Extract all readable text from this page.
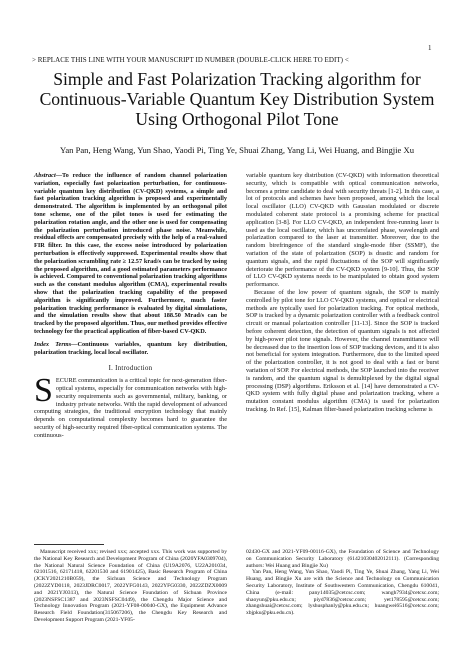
1
> REPLACE THIS LINE WITH YOUR MANUSCRIPT ID NUMBER (DOUBLE-CLICK HERE TO EDIT) <
Simple and Fast Polarization Tracking algorithm for Continuous-Variable Quantum Key Distribution System Using Orthogonal Pilot Tone
Yan Pan, Heng Wang, Yun Shao, Yaodi Pi, Ting Ye, Shuai Zhang, Yang Li, Wei Huang, and Bingjie Xu

Abstract—To reduce the influence of random channel polarization variation, especially fast polarization perturbation, for continuous-variable quantum key distribution (CV-QKD) systems, a simple and fast polarization tracking algorithm is proposed and experimentally demonstrated. The algorithm is implemented by an orthogonal pilot tone scheme, one of the pilot tones is used for estimating the polarization rotation angle, and the other one is used for compensating the polarization perturbation introduced phase noise. Meanwhile, residual effects are compensated precisely with the help of a real-valued FIR filter. In this case, the excess noise introduced by polarization perturbation is effectively suppressed. Experimental results show that the polarization scrambling rate ≥ 12.57 krad/s can be tracked by using the proposed algorithm, and a good estimated parameters performance is achieved. Compared to conventional polarization tracking algorithms such as the constant modulus algorithm (CMA), experimental results show that the polarization tracking capability of the proposed algorithm is significantly improved. Furthermore, much faster polarization tracking performance is evaluated by digital simulations, and the simulation results show that about 188.50 Mrad/s can be tracked by the proposed algorithm. Thus, our method provides effective technology for the practical application of fiber-based CV-QKD.

Index Terms—Continuous variables, quantum key distribution, polarization tracking, local local oscillator.

I. Introduction

SECURE communication is a critical topic for next-generation fiber-optical systems, especially for communication networks with high-security requirements such as governmental, military, banking, or industry private networks. With the rapid development of advanced computing strategies, the traditional encryption technology that mainly depends on computational complexity becomes hard to guarantee the security of high-security required fiber-optical communication systems. The continuous-

variable quantum key distribution (CV-QKD) with information theoretical security, which is compatible with optical communication networks, becomes a prime candidate to deal with security threats [1-2]. In this case, a lot of protocols and schemes have been proposed, among which the local local oscillator (LLO) CV-QKD with Gaussian modulated or discrete modulated coherent state protocol is a promising scheme for practical application [3-8]. For LLO CV-QKD, an independent free-running laser is used as the local oscillator, which has uncorrelated phase, wavelength and polarization compared to the laser at transmitter. Moreover, due to the random birefringence of the standard single-mode fiber (SSMF), the variation of the state of polarization (SOP) is drastic and random for quantum signals, and the rapid fluctuations of the SOP will significantly deteriorate the performance of the CV-QKD system [9-10]. Thus, the SOP of LLO CV-QKD systems needs to be manipulated to obtain good system performance.

Because of the low power of quantum signals, the SOP is mainly controlled by pilot tone for LLO CV-QKD systems, and optical or electrical methods are typically used for polarization tracking. For optical methods, SOP is tracked by a dynamic polarization controller with a feedback control circuit or manual polarization controller [11-13]. Since the SOP is tracked before coherent detection, the detection of quantum signals is not affected by high-power pilot tone signals. However, the channel transmittance will be decreased due to the insertion loss of SOP tracking devices, and it is also not beneficial for system integration. Furthermore, due to the limited speed of the polarization controller, it is not good to deal with a fast or burst variation of SOP. For electrical methods, the SOP launched into the receiver is random, and the quantum signal is demultiplexed by the digital signal processing (DSP) algorithms. Eriksson et al. [14] have demonstrated a CV-QKD system with fully digital phase and polarization tracking, where a mutation constant modulus algorithm (CMA) is used for polarization tracking. In Ref. [15], Kalman filter-based polarization tracking scheme is

Manuscript received xxx; revised xxx; accepted xxx. This work was supported by the National Key Research and Development Program of China (2020YFA0309704), the National Natural Science Foundation of China (U19A2076, U22A201034, 62101516, 62171418, 62201530 and 61901425), Basic Research Program of China (JCKY2021210B059), the Sichuan Science and Technology Program (2022ZYD0118, 2023JDRC0017, 2022YFG0143, 2022YFG0330, 2022ZDZX0009 and 2021YJ0313), the Natural Science Foundation of Sichuan Province (2023NSFSC1387 and 2023NSFSC0449), the Chengdu Major Science and Technology Innovation Program (2021-YF08-00040-GX), the Equipment Advance Research Field Foundation(315067206), the Chengdu Key Research and Development Support Program (2021-YF05-

02430-GX and 2021-YF09-00116-GX), the Foundation of Science and Technology on Communication Security Laboratory (61421030402012111). (Corresponding authors: Wei Huang and Bingjie Xu)

Yan Pan, Heng Wang, Yun Shao, Yaodi Pi, Ting Ye, Shuai Zhang, Yang Li, Wei Huang, and Bingjie Xu are with the Science and Technology on Communication Security Laboratory, Institute of Southwestern Communication, Chengdu 610041, China (e-mail: pany14035@cetcsc.com; wangh7934@cetcsc.com; shaoyun@pku.edu.cn; piyd7836@cetcsc.com; yet178595@cetcsc.com; zhangshuai@cetcsc.com; lyshusphanly@pku.edu.cn; huangwei6516@cetcsc.com; xbjpku@pku.edu.cn).
